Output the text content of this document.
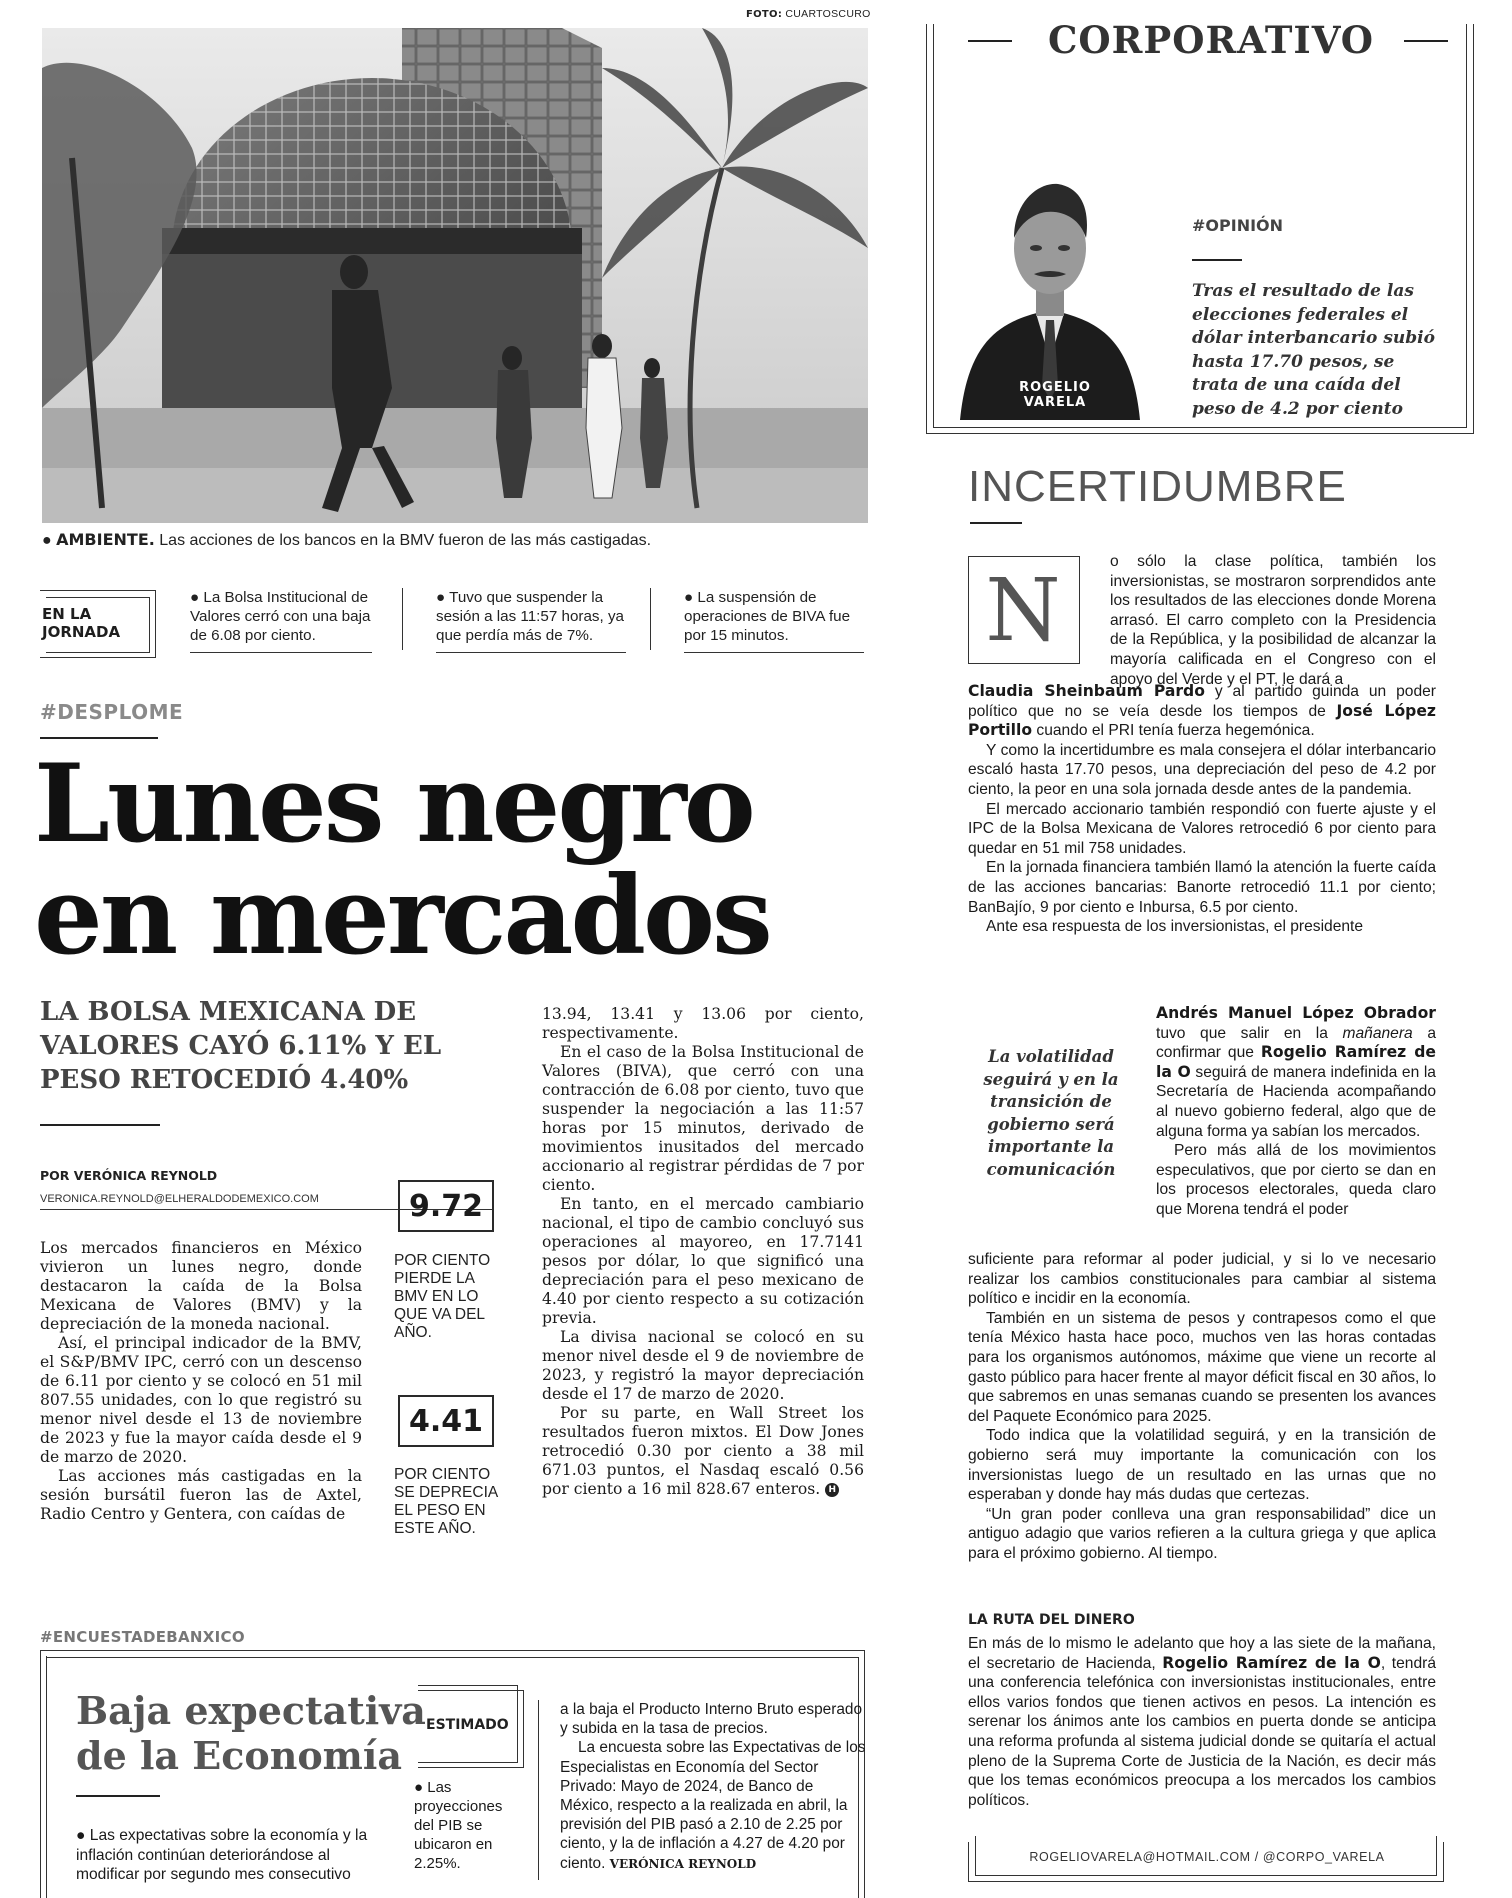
FOTO: CUARTOSCURO
● AMBIENTE. Las acciones de los bancos en la BMV fueron de las más castigadas.
EN LA JORNADA
● La Bolsa Institucional de Valores cerró con una baja de 6.08 por ciento.
● Tuvo que suspender la sesión a las 11:57 horas, ya que perdía más de 7%.
● La suspensión de operaciones de BIVA fue por 15 minutos.
#DESPLOME
Lunes negro
en mercados
LA BOLSA MEXICANA DE VALORES CAYÓ 6.11% Y EL PESO RETOCEDIÓ 4.40%
POR VERÓNICA REYNOLD
VERONICA.REYNOLD@ELHERALDODEMEXICO.COM

Los mercados financieros en México vivieron un lunes negro, donde destacaron la caída de la Bolsa Mexicana de Valores (BMV) y la depreciación de la moneda nacional.

Así, el principal indicador de la BMV, el S&P/BMV IPC, cerró con un descenso de 6.11 por ciento y se colocó en 51 mil 807.55 unidades, con lo que registró su menor nivel desde el 13 de noviembre de 2023 y fue la mayor caída desde el 9 de marzo de 2020.

Las acciones más castigadas en la sesión bursátil fueron las de Axtel, Radio Centro y Gentera, con caídas de

9.72
POR CIENTO PIERDE LA BMV EN LO QUE VA DEL AÑO.
4.41
POR CIENTO SE DEPRECIA EL PESO EN ESTE AÑO.

13.94, 13.41 y 13.06 por ciento, respectivamente.

En el caso de la Bolsa Institucional de Valores (BIVA), que cerró con una contracción de 6.08 por ciento, tuvo que suspender la negociación a las 11:57 horas por 15 minutos, derivado de movimientos inusitados del mercado accionario al registrar pérdidas de 7 por ciento.

En tanto, en el mercado cambiario nacional, el tipo de cambio concluyó sus operaciones al mayoreo, en 17.7141 pesos por dólar, lo que significó una depreciación para el peso mexicano de 4.40 por ciento respecto a su cotización previa.

La divisa nacional se colocó en su menor nivel desde el 9 de noviembre de 2023, y registró la mayor depreciación desde el 17 de marzo de 2020.

Por su parte, en Wall Street los resultados fueron mixtos. El Dow Jones retrocedió 0.30 por ciento a 38 mil 671.03 puntos, el Nasdaq escaló 0.56 por ciento a 16 mil 828.67 enteros. H

#ENCUESTADEBANXICO
Baja expectativa
de la Economía
● Las expectativas sobre la economía y la inflación continúan deteriorándose al modificar por segundo mes consecutivo
ESTIMADO
● Las proyecciones del PIB se ubicaron en 2.25%.

a la baja el Producto Interno Bruto esperado y subida en la tasa de precios.

La encuesta sobre las Expectativas de los Especialistas en Economía del Sector Privado: Mayo de 2024, de Banco de México, respecto a la realizada en abril, la previsión del PIB pasó a 2.10 de 2.25 por ciento, y la de inflación a 4.27 de 4.20 por ciento. VERÓNICA REYNOLD

CORPORATIVO
ROGELIO
VARELA
#OPINIÓN
Tras el resultado de las elecciones federales el dólar interbancario subió hasta 17.70 pesos, se trata de una caída del peso de 4.2 por ciento
INCERTIDUMBRE
N	o sólo la clase política, también los inversionistas, se mostraron sorprendidos ante los resultados de las elecciones donde Morena arrasó. El carro completo con la Presidencia de la República, y la posibilidad de alcanzar la mayoría calificada en el Congreso con el apoyo del Verde y el PT, le dará a

Claudia Sheinbaum Pardo y al partido guinda un poder político que no se veía desde los tiempos de José López Portillo cuando el PRI tenía fuerza hegemónica.

Y como la incertidumbre es mala consejera el dólar interbancario escaló hasta 17.70 pesos, una depreciación del peso de 4.2 por ciento, la peor en una sola jornada desde antes de la pandemia.

El mercado accionario también respondió con fuerte ajuste y el IPC de la Bolsa Mexicana de Valores retrocedió 6 por ciento para quedar en 51 mil 758 unidades.

En la jornada financiera también llamó la atención la fuerte caída de las acciones bancarias: Banorte retrocedió 11.1 por ciento; BanBajío, 9 por ciento e Inbursa, 6.5 por ciento.

Ante esa respuesta de los inversionistas, el presidente

La volatilidad seguirá y en la transición de gobierno será importante la comunicación

Andrés Manuel López Obrador tuvo que salir en la mañanera a confirmar que Rogelio Ramírez de la O seguirá de manera indefinida en la Secretaría de Hacienda acompañando al nuevo gobierno federal, algo que de alguna forma ya sabían los mercados.

Pero más allá de los movimientos especulativos, que por cierto se dan en los procesos electorales, queda claro que Morena tendrá el poder

suficiente para reformar al poder judicial, y si lo ve necesario realizar los cambios constitucionales para cambiar al sistema político e incidir en la economía.

También en un sistema de pesos y contrapesos como el que tenía México hasta hace poco, muchos ven las horas contadas para los organismos autónomos, máxime que viene un recorte al gasto público para hacer frente al mayor déficit fiscal en 30 años, lo que sabremos en unas semanas cuando se presenten los avances del Paquete Económico para 2025.

Todo indica que la volatilidad seguirá, y en la transición de gobierno será muy importante la comunicación con los inversionistas luego de un resultado en las urnas que no esperaban y donde hay más dudas que certezas.

“Un gran poder conlleva una gran responsabilidad” dice un antiguo adagio que varios refieren a la cultura griega y que aplica para el próximo gobierno. Al tiempo.

LA RUTA DEL DINERO

En más de lo mismo le adelanto que hoy a las siete de la mañana, el secretario de Hacienda, Rogelio Ramírez de la O, tendrá una conferencia telefónica con inversionistas institucionales, entre ellos varios fondos que tienen activos en pesos. La intención es serenar los ánimos ante los cambios en puerta donde se anticipa una reforma profunda al sistema judicial donde se quitaría el actual pleno de la Suprema Corte de Justicia de la Nación, es decir más que los temas económicos preocupa a los mercados los cambios políticos.

ROGELIOVARELA@HOTMAIL.COM / @CORPO_VARELA
